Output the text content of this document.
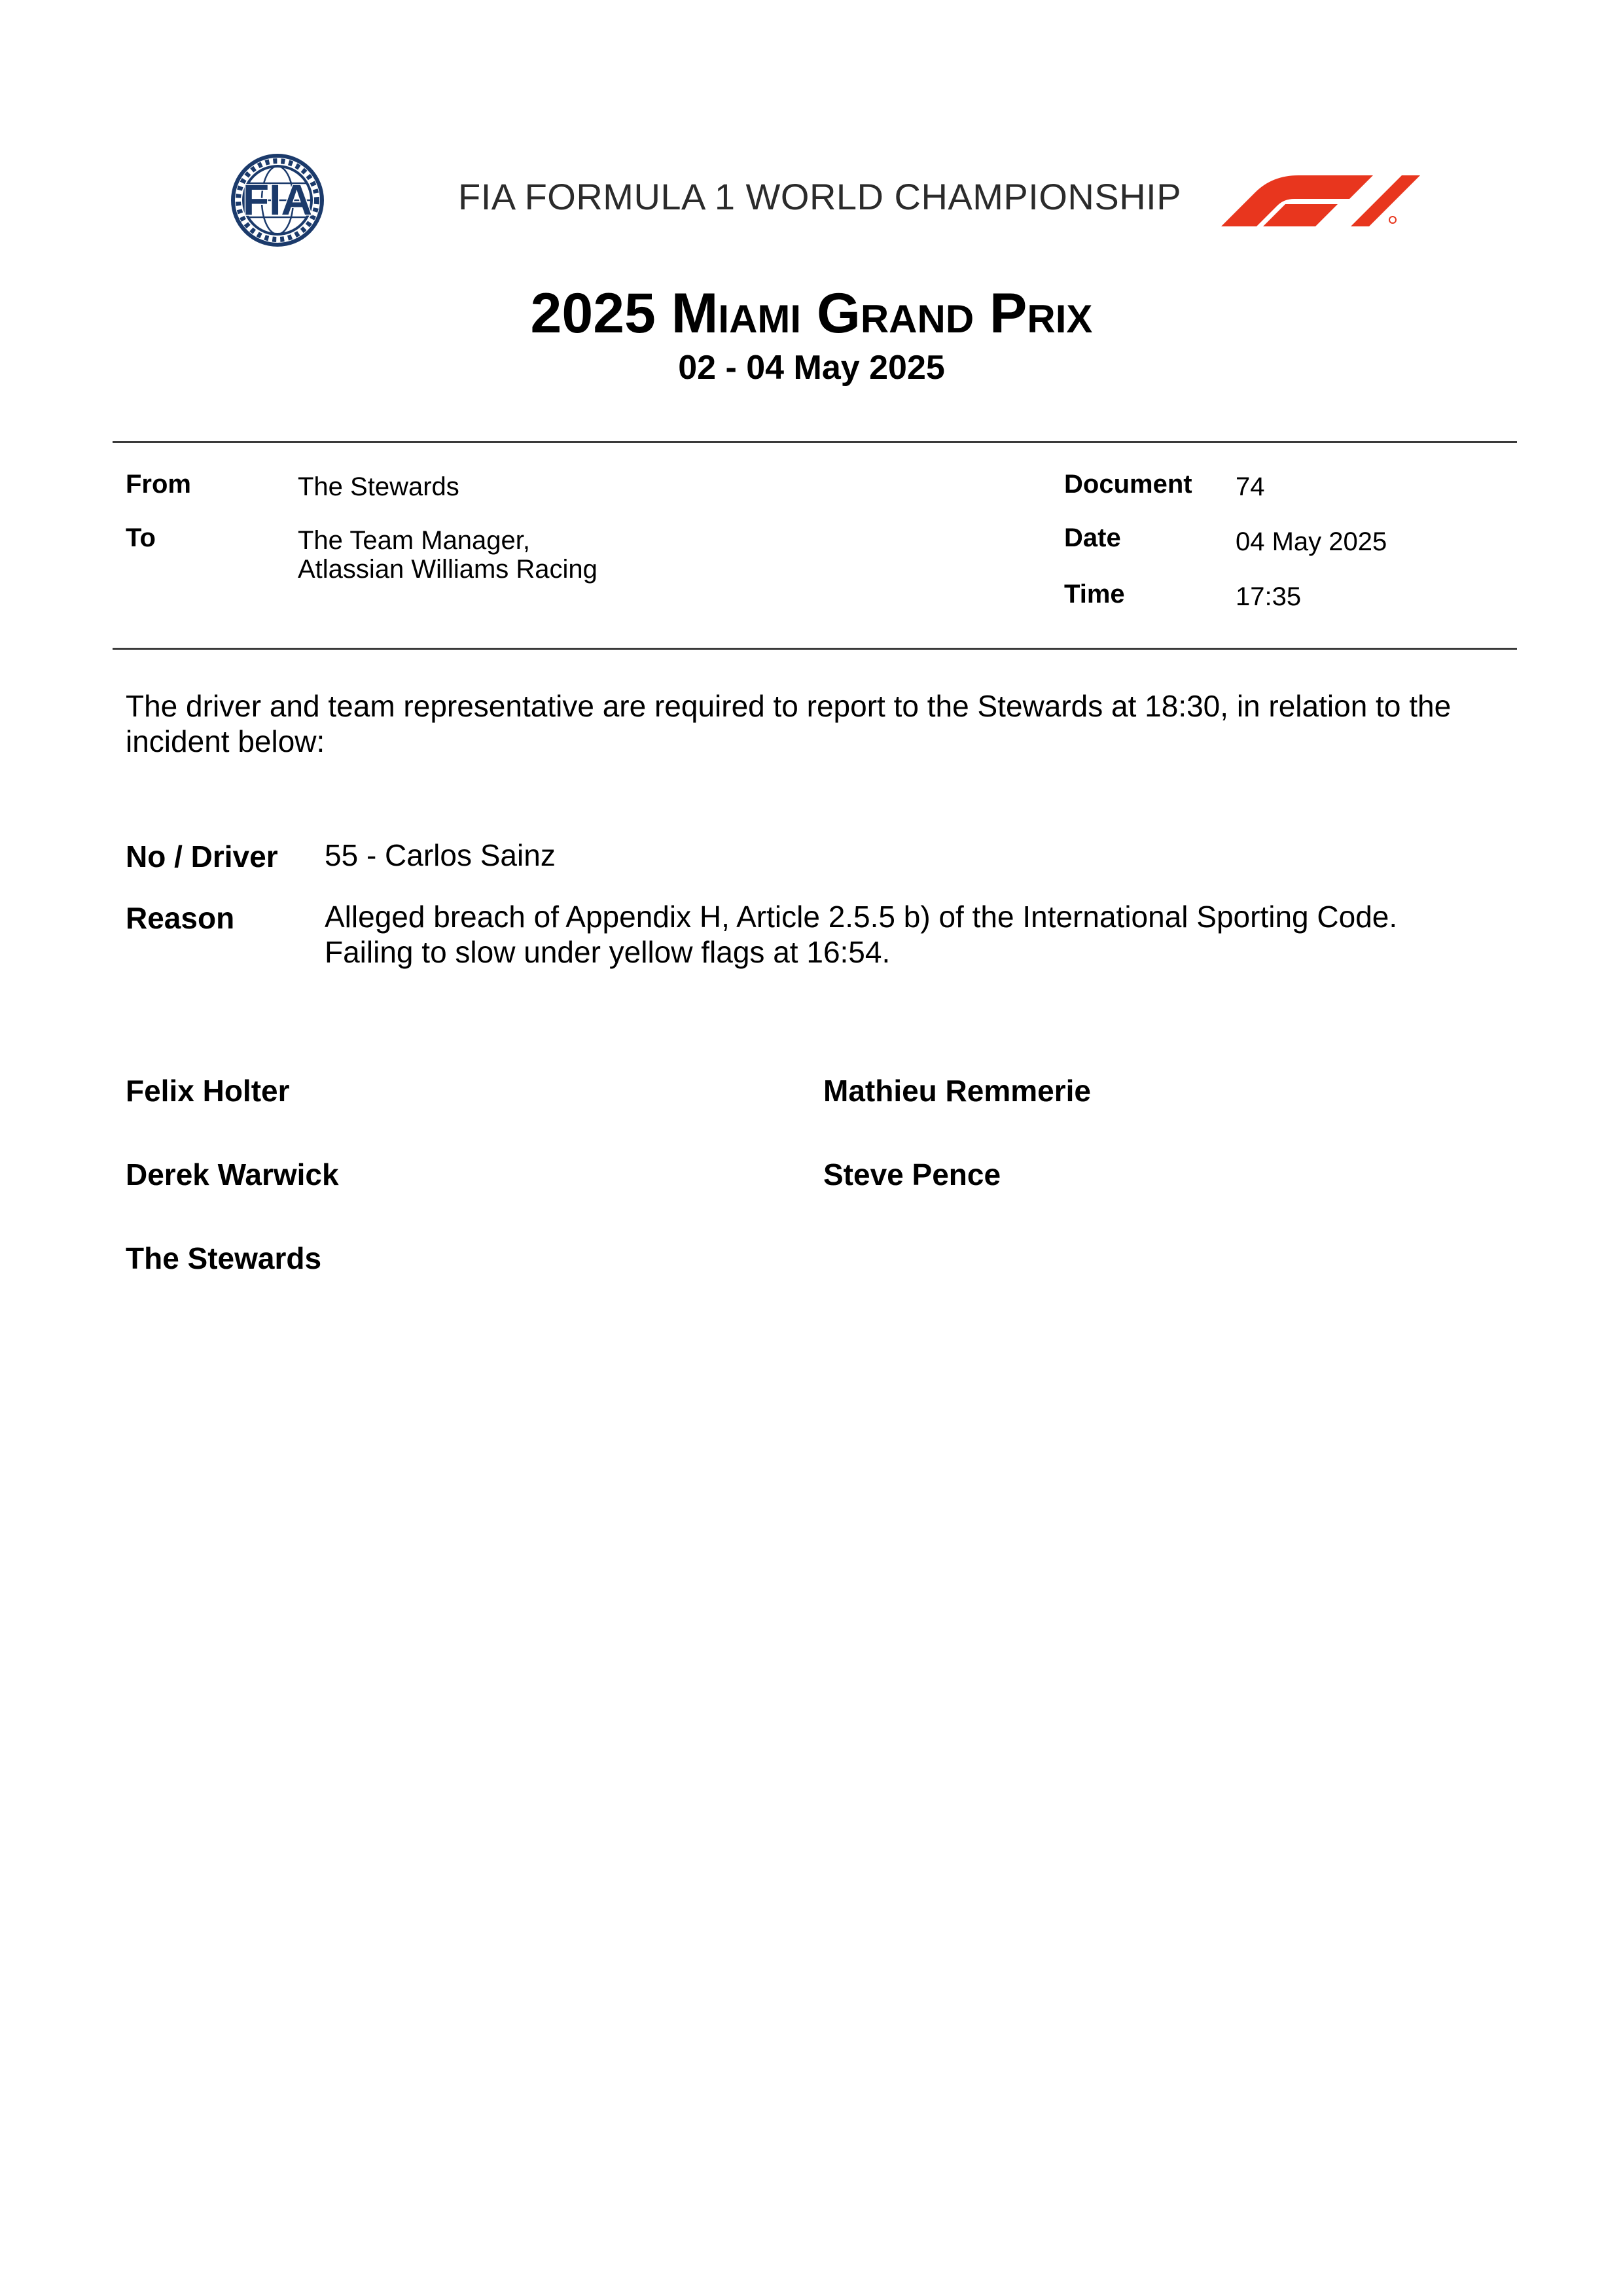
FIA	FIA FORMULA 1 WORLD CHAMPIONSHIP
2025 Miami Grand Prix
02 - 04 May 2025
From	The Stewards
To	The Team Manager,
Atlassian Williams Racing
Document 74
Date	04 May 2025
Time	17:35
The driver and team representative are required to report to the Stewards at 18:30, in relation to the incident below:
No / Driver 55 - Carlos Sainz
Reason	Alleged breach of Appendix H, Article 2.5.5 b) of the International Sporting Code.
Failing to slow under yellow flags at 16:54.
Felix Holter	Mathieu Remmerie
Derek Warwick	Steve Pence
The Stewards
